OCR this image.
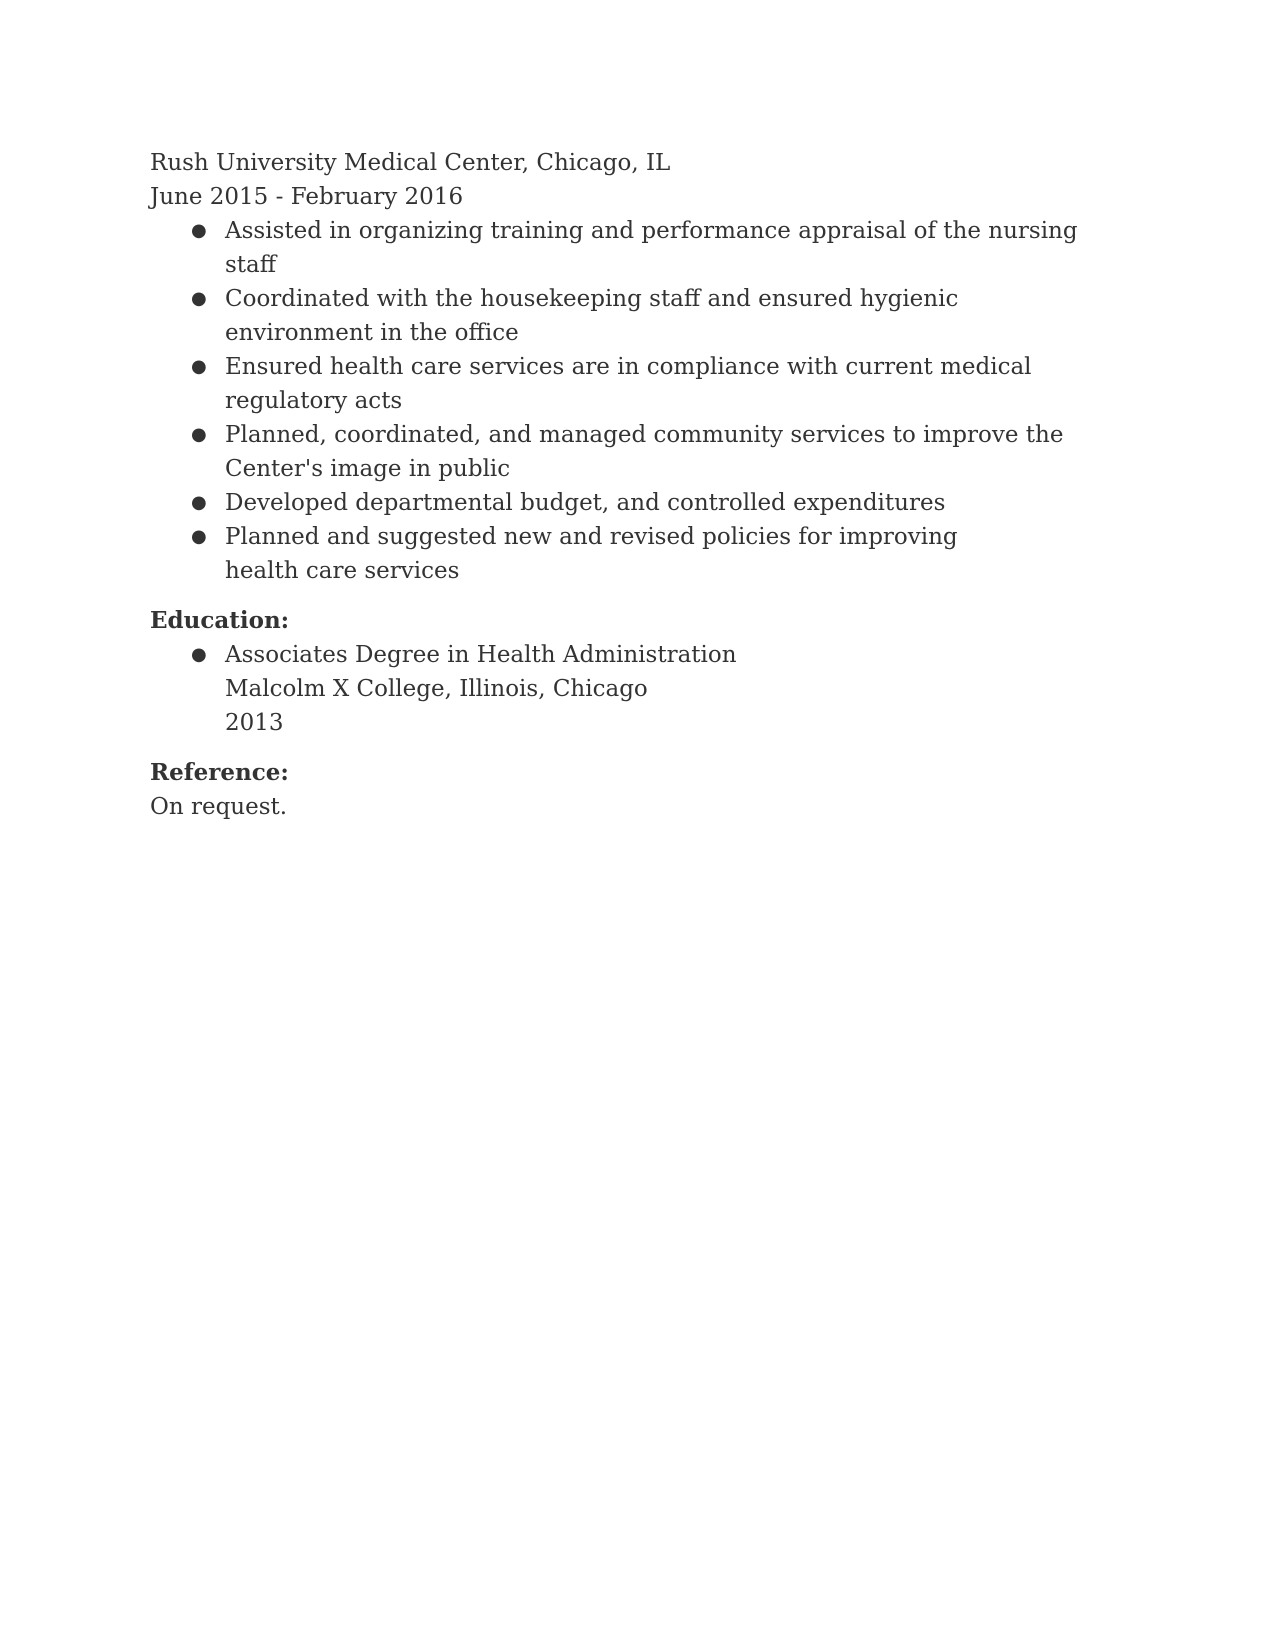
Rush University Medical Center, Chicago, IL
June 2015 - February 2016
● Assisted in organizing training and performance appraisal of the nursing staff
● Coordinated with the housekeeping staff and ensured hygienic environment in the office
● Ensured health care services are in compliance with current medical regulatory acts
● Planned, coordinated, and managed community services to improve the Center's image in public
● Developed departmental budget, and controlled expenditures
● Planned and suggested new and revised policies for improving health care services
Education:
● Associates Degree in Health Administration
Malcolm X College, Illinois, Chicago
2013
Reference:
On request.
